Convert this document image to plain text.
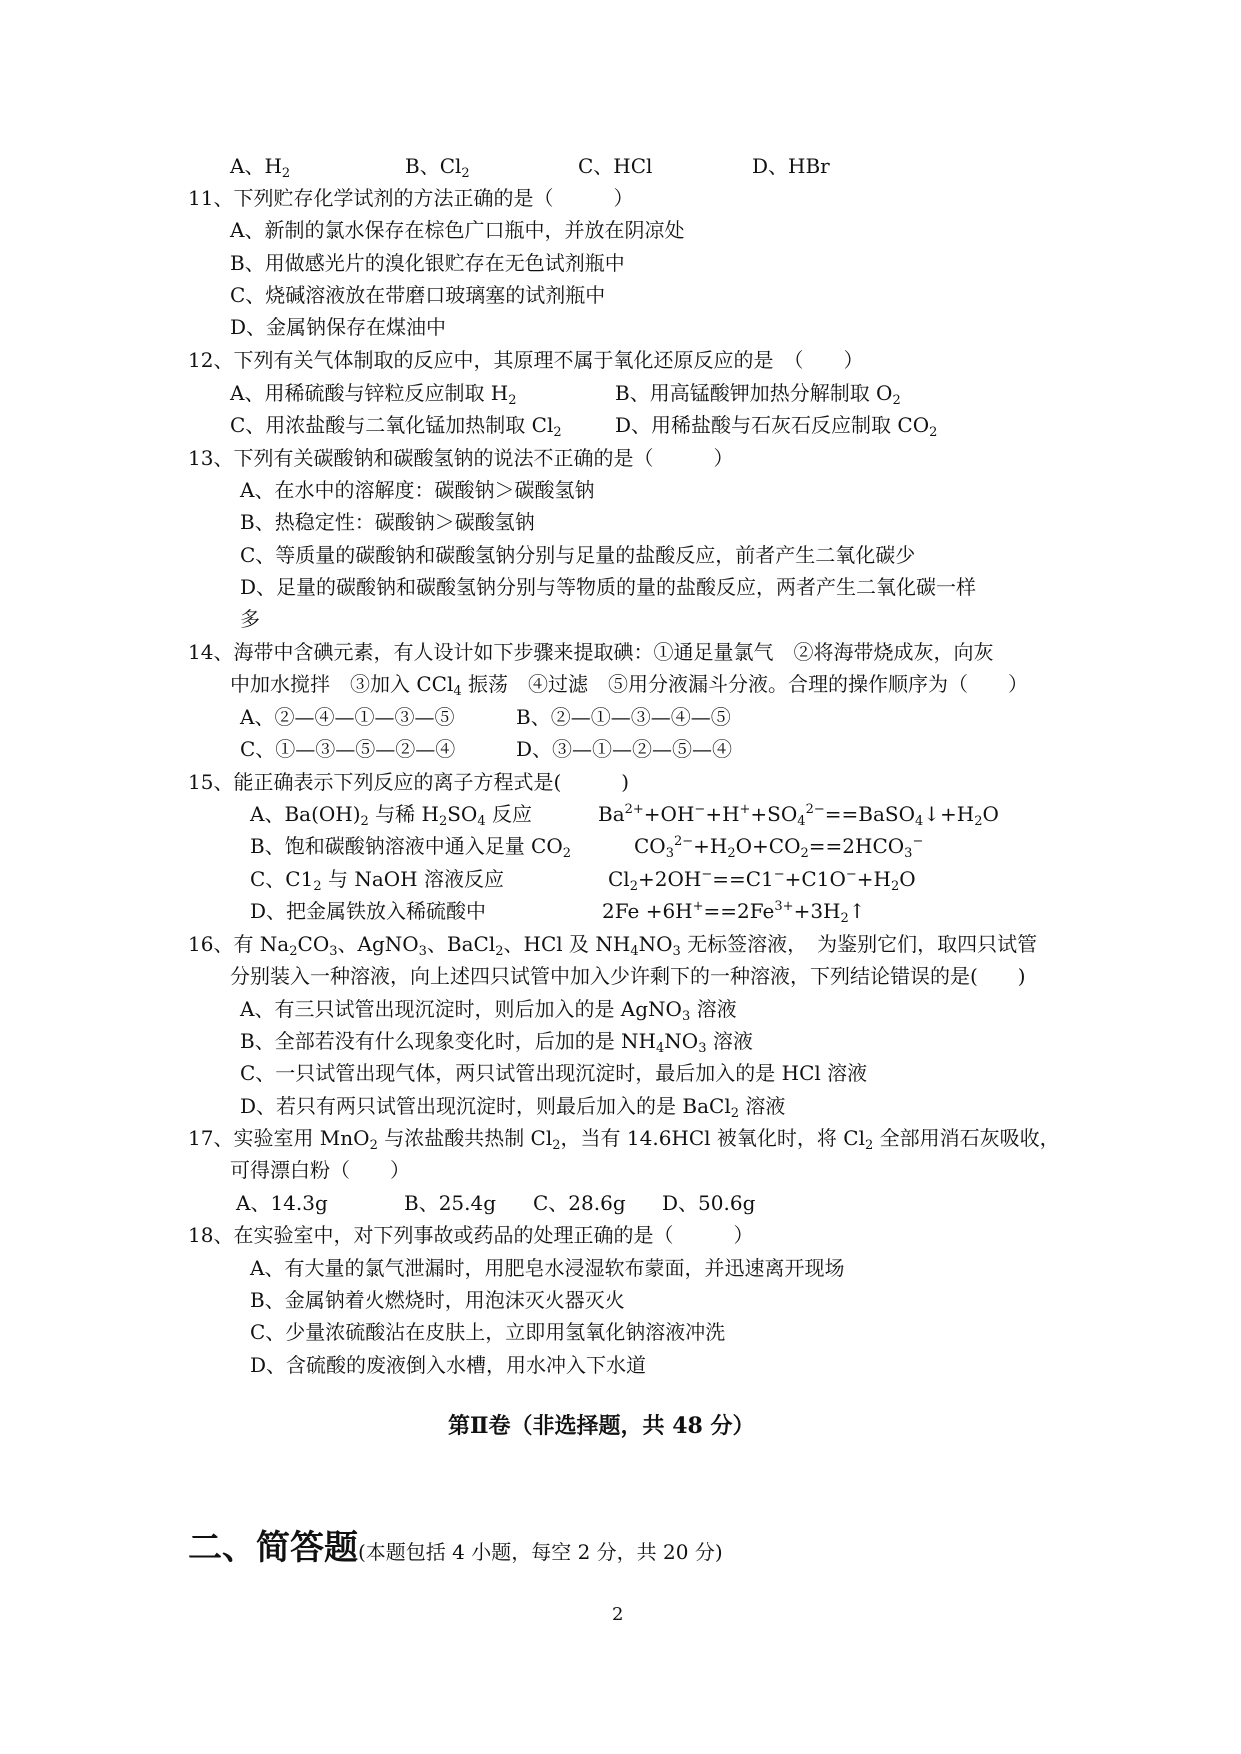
A、$H_2$	B、$Cl_2$	C、HCl	D、HBr
11、下列贮存化学试剂的方法正确的是（　　　）
A、新制的氯水保存在棕色广口瓶中，并放在阴凉处
B、用做感光片的溴化银贮存在无色试剂瓶中
C、烧碱溶液放在带磨口玻璃塞的试剂瓶中
D、金属钠保存在煤油中
12、下列有关气体制取的反应中，其原理不属于氧化还原反应的是　（　　）
A、用稀硫酸与锌粒反应制取 $H_2$	B、用高锰酸钾加热分解制取 $O_2$
C、用浓盐酸与二氧化锰加热制取 $Cl_2$	D、用稀盐酸与石灰石反应制取 $CO_2$
13、下列有关碳酸钠和碳酸氢钠的说法不正确的是（　　　）
A、在水中的溶解度：碳酸钠＞碳酸氢钠
B、热稳定性：碳酸钠＞碳酸氢钠
C、等质量的碳酸钠和碳酸氢钠分别与足量的盐酸反应，前者产生二氧化碳少
D、足量的碳酸钠和碳酸氢钠分别与等物质的量的盐酸反应，两者产生二氧化碳一样
多
14、海带中含碘元素，有人设计如下步骤来提取碘：①通足量氯气　②将海带烧成灰，向灰
中加水搅拌　③加入 CCl$_4$ 振荡　④过滤　⑤用分液漏斗分液。合理的操作顺序为（　　）
A、②—④—①—③—⑤	B、②—①—③—④—⑤
C、①—③—⑤—②—④	D、③—①—②—⑤—④
15、能正确表示下列反应的离子方程式是(　　　)
A、$Ba(OH)_2$ 与稀 $H_2SO_4$ 反应	$Ba^{2+}+OH^-+H^++SO_4^{2-}==BaSO_4↓+H_2O$
B、饱和碳酸钠溶液中通入足量 $CO_2$	$CO_3^{2-}+H_2O+CO_2==2HCO_3^-$
C、$C1_2$ 与 NaOH 溶液反应	$Cl_2+2OH^-==C1^-+C1O^-+H_2O$
D、把金属铁放入稀硫酸中	$2Fe +6H^+==2Fe^{3+}+3H_2↑$
16、有 $Na_2CO_3$、AgNO$_3$、BaCl$_2$、HCl 及 $NH_4NO_3$ 无标签溶液，　为鉴别它们，取四只试管
分别装入一种溶液，向上述四只试管中加入少许剩下的一种溶液，下列结论错误的是(　　)
A、有三只试管出现沉淀时，则后加入的是 AgNO$_3$ 溶液
B、全部若没有什么现象变化时，后加的是 $NH_4NO_3$ 溶液
C、一只试管出现气体，两只试管出现沉淀时，最后加入的是 HCl 溶液
D、若只有两只试管出现沉淀时，则最后加入的是 BaCl$_2$ 溶液
17、实验室用 MnO$_2$ 与浓盐酸共热制 $Cl_2$，当有 14.6HCl 被氧化时，将 $Cl_2$ 全部用消石灰吸收，
可得漂白粉（　　）
A、14.3g	B、25.4g C、28.6g D、50.6g
18、在实验室中，对下列事故或药品的处理正确的是（　　　）
A、有大量的氯气泄漏时，用肥皂水浸湿软布蒙面，并迅速离开现场
B、金属钠着火燃烧时，用泡沫灭火器灭火
C、少量浓硫酸沾在皮肤上，立即用氢氧化钠溶液冲洗
D、含硫酸的废液倒入水槽，用水冲入下水道
第Ⅱ卷（非选择题，共 48 分）
二、简答题(本题包括 4 小题，每空 2 分，共 20 分)
2
